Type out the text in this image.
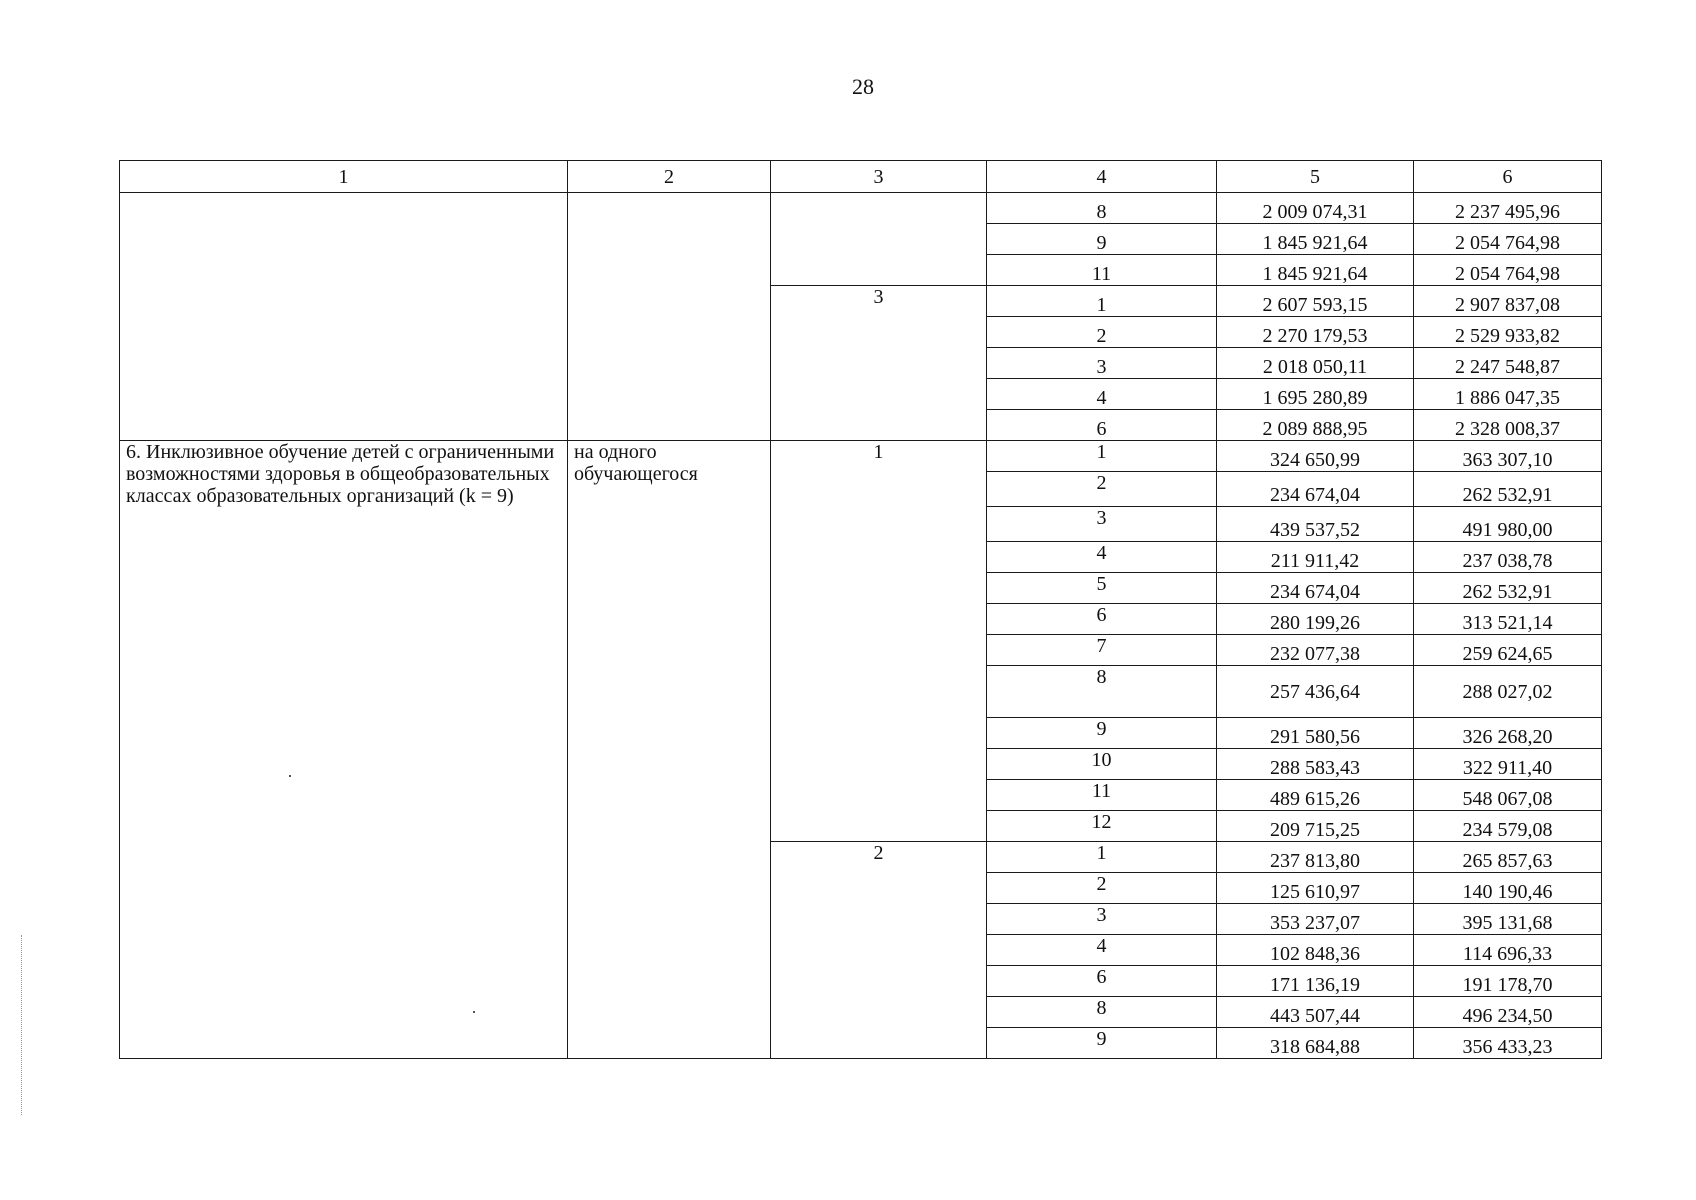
28
1	2	3	4	5	6
			8	2 009 074,31	2 237 495,96
			9	1 845 921,64	2 054 764,98
			11	1 845 921,64	2 054 764,98
		3	1	2 607 593,15	2 907 837,08
			2	2 270 179,53	2 529 933,82
			3	2 018 050,11	2 247 548,87
			4	1 695 280,89	1 886 047,35
			6	2 089 888,95	2 328 008,37

6. Инклюзивное обучение детей с ограниченными возможностями здоровья в общеобразовательных классах образовательных организаций (k = 9)	на одного обучающегося	1	1	324 650,99	363 307,10
			2	234 674,04	262 532,91
			3	439 537,52	491 980,00
			4	211 911,42	237 038,78
			5	234 674,04	262 532,91
			6	280 199,26	313 521,14
			7	232 077,38	259 624,65
			8	257 436,64	288 027,02
			9	291 580,56	326 268,20
			10	288 583,43	322 911,40
			11	489 615,26	548 067,08
			12	209 715,25	234 579,08
		2	1	237 813,80	265 857,63
			2	125 610,97	140 190,46
			3	353 237,07	395 131,68
			4	102 848,36	114 696,33
			6	171 136,19	191 178,70
			8	443 507,44	496 234,50
			9	318 684,88	356 433,23
